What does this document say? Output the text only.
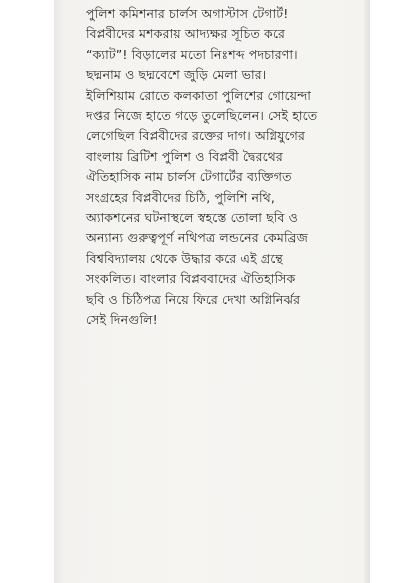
পুলিশ কমিশনার চার্লস অগাস্টাস টেগার্ট!
বিপ্লবীদের মশকরায় আদ্যক্ষর সূচিত করে
“ক্যাট”! বিড়ালের মতো নিঃশব্দ পদচারণা।
ছদ্মনাম ও ছদ্মবেশে জুড়ি মেলা ভার।
ইলিশিয়াম রোতে কলকাতা পুলিশের গোয়েন্দা
দপ্তর নিজে হাতে গড়ে তুলেছিলেন। সেই হাতে
লেগেছিল বিপ্লবীদের রক্তের দাগ। অগ্নিযুগের
বাংলায় ব্রিটিশ পুলিশ ও বিপ্লবী দ্বৈরথের
ঐতিহাসিক নাম চার্লস টেগার্টের ব্যক্তিগত
সংগ্রহের বিপ্লবীদের চিঠি, পুলিশি নথি,
অ্যাকশনের ঘটনাস্থলে স্বহস্তে তোলা ছবি ও
অন্যান্য গুরুত্বপূর্ণ নথিপত্র লন্ডনের কেমব্রিজ
বিশ্ববিদ্যালয় থেকে উদ্ধার করে এই গ্রন্থে
সংকলিত। বাংলার বিপ্লববাদের ঐতিহাসিক
ছবি ও চিঠিপত্র নিয়ে ফিরে দেখা অগ্নিনির্ঝর
সেই দিনগুলি!
